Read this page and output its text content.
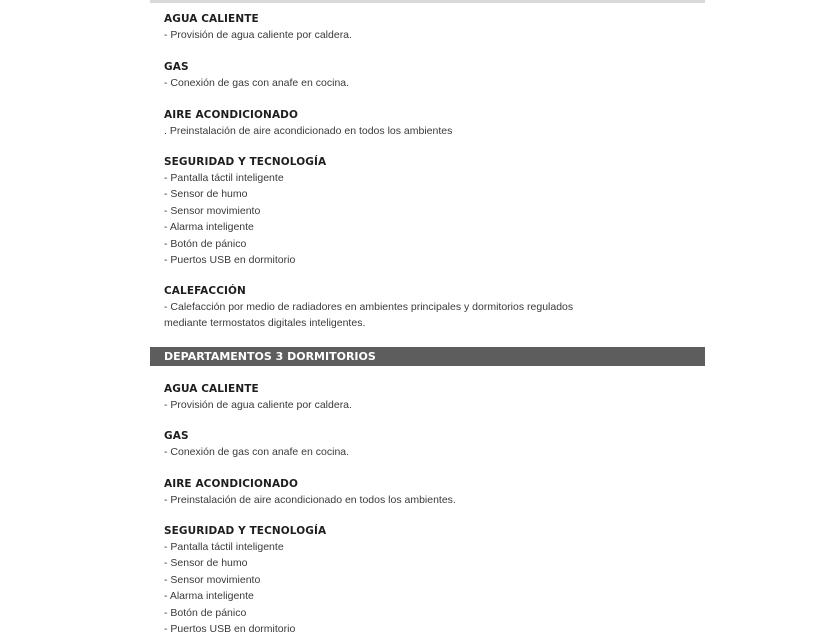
AGUA CALIENTE

- Provisión de agua caliente por caldera.

GAS

- Conexión de gas con anafe en cocina.

AIRE ACONDICIONADO

. Preinstalación de aire acondicionado en todos los ambientes

SEGURIDAD Y TECNOLOGÍA

- Pantalla táctil inteligente

- Sensor de humo

- Sensor movimiento

- Alarma inteligente

- Botón de pánico

- Puertos USB en dormitorio

CALEFACCIÓN

- Calefacción por medio de radiadores en ambientes principales y dormitorios regulados

mediante termostatos digitales inteligentes.

DEPARTAMENTOS 3 DORMITORIOS

AGUA CALIENTE

- Provisión de agua caliente por caldera.

GAS

- Conexión de gas con anafe en cocina.

AIRE ACONDICIONADO

- Preinstalación de aire acondicionado en todos los ambientes.

SEGURIDAD Y TECNOLOGÍA

- Pantalla táctil inteligente

- Sensor de humo

- Sensor movimiento

- Alarma inteligente

- Botón de pánico

- Puertos USB en dormitorio
